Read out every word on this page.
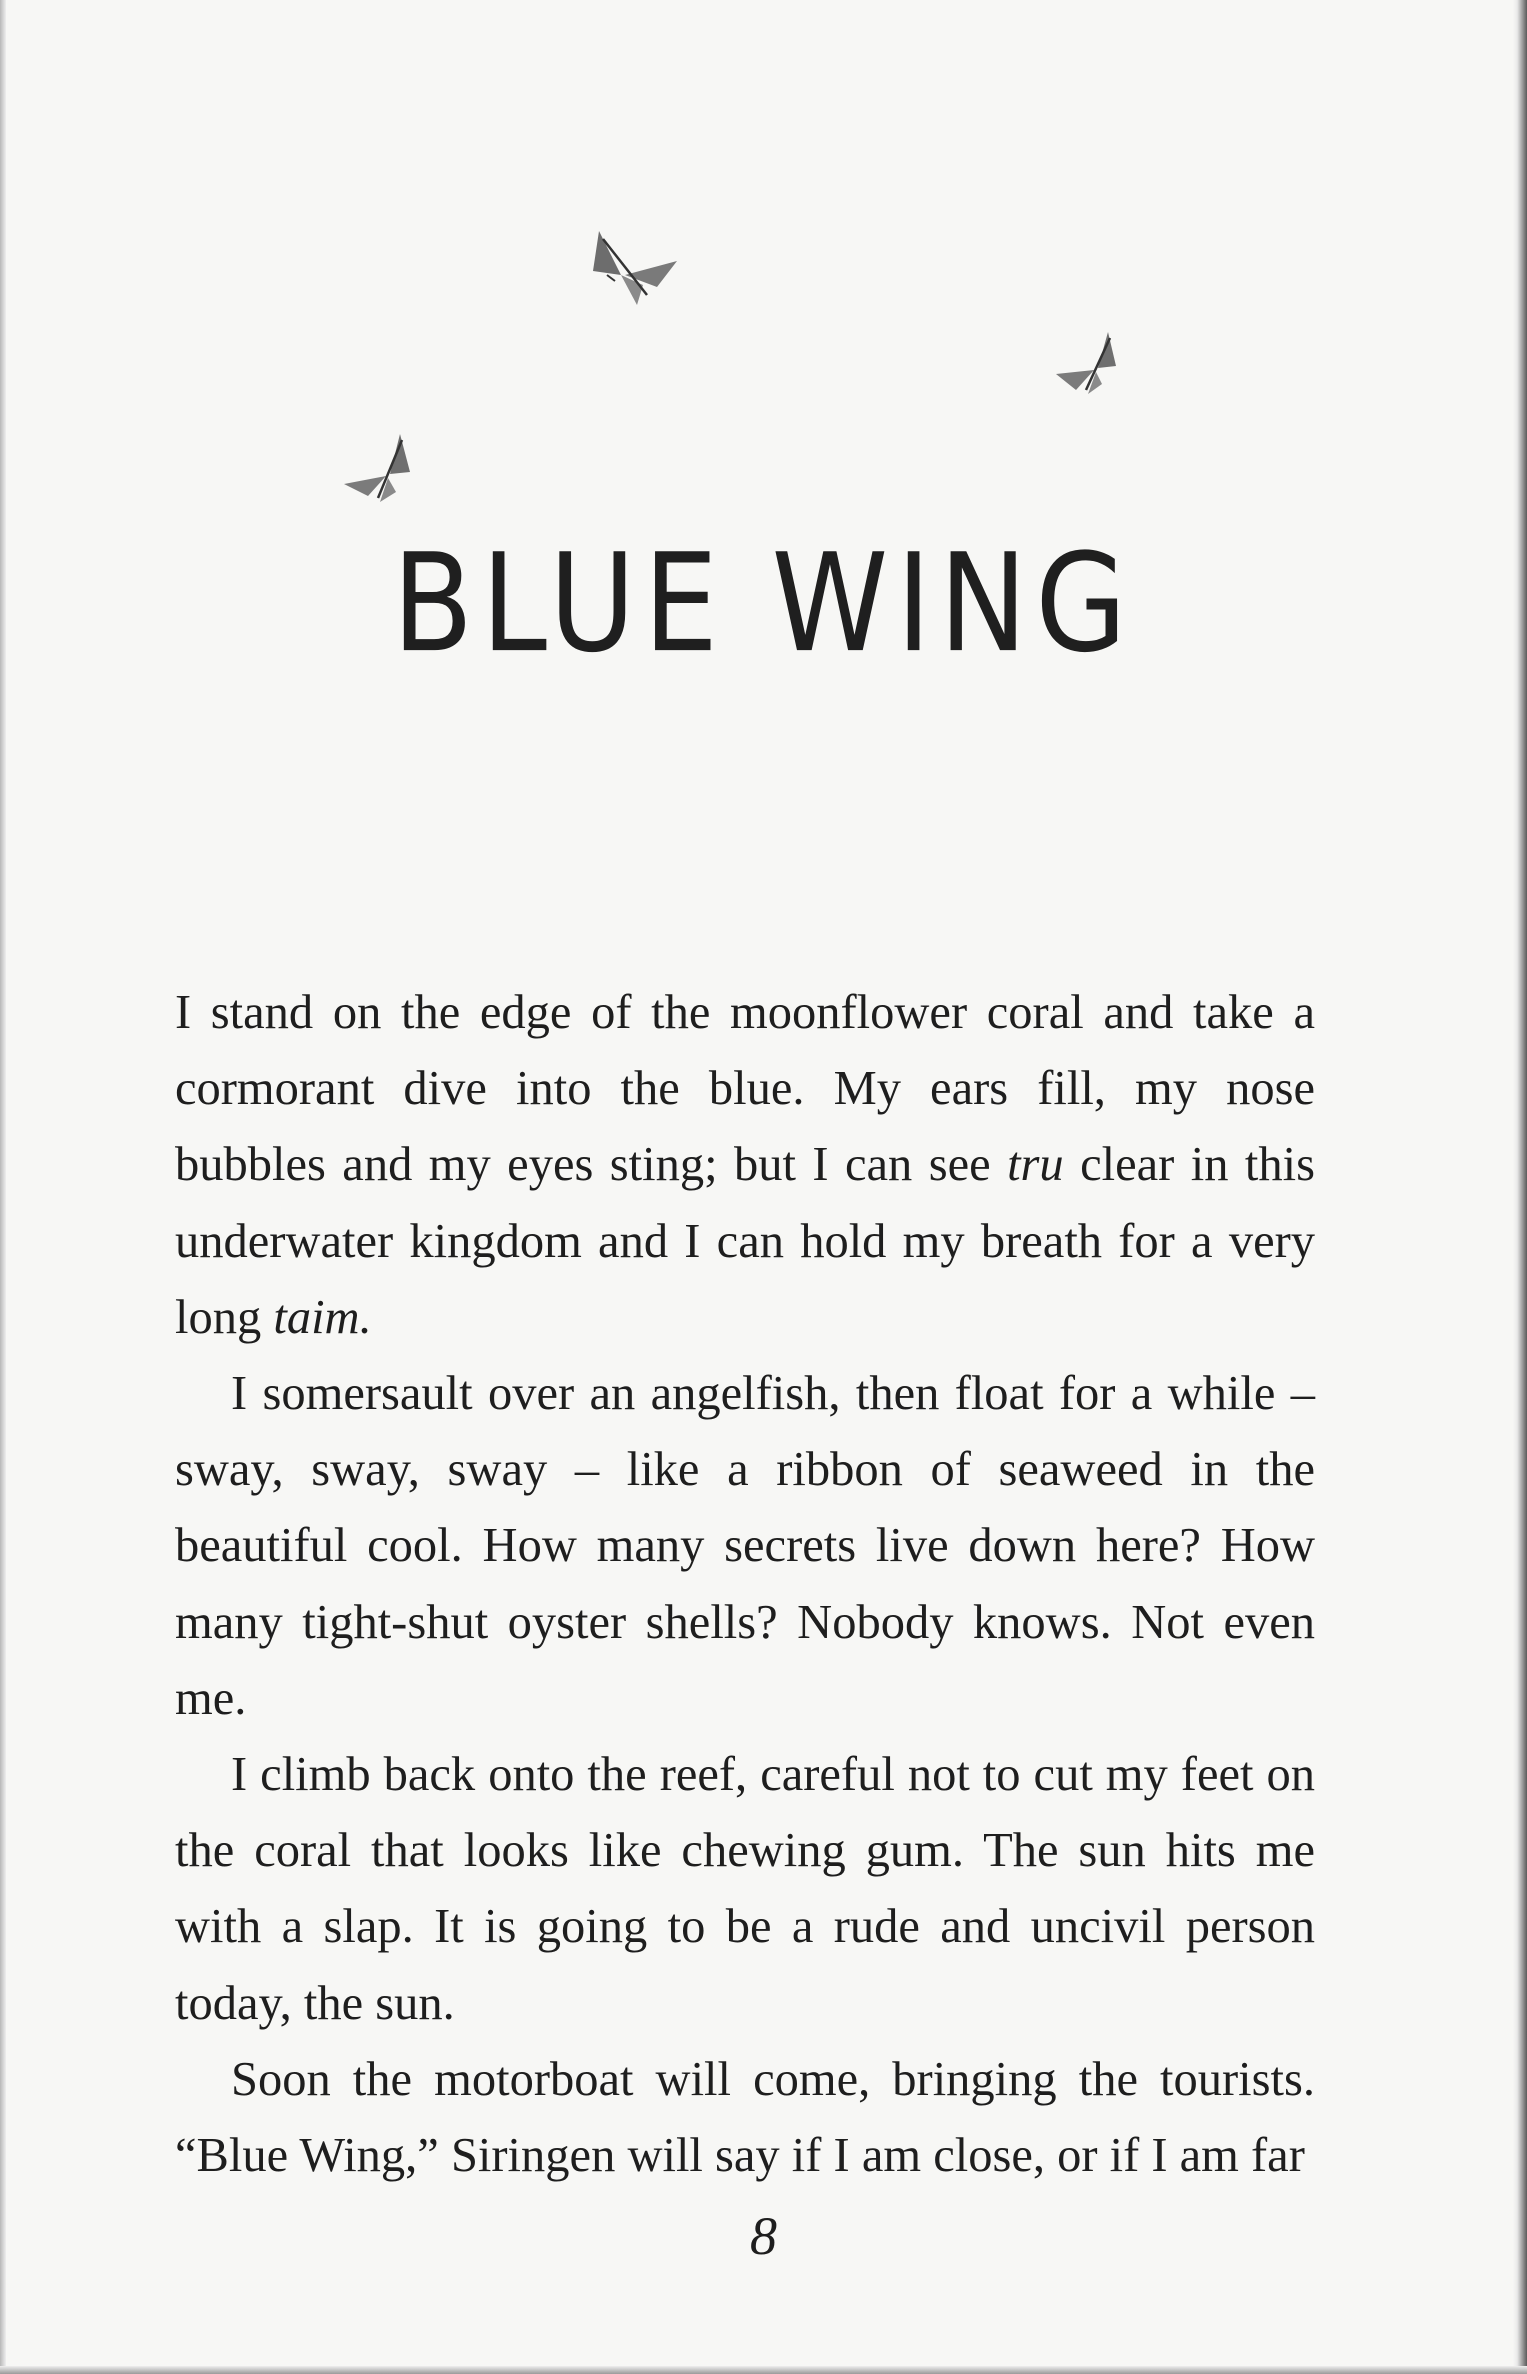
BLUE WING

I stand on the edge of the moonflower coral and take a cormorant dive into the blue. My ears fill, my nose bubbles and my eyes sting; but I can see tru clear in this underwater kingdom and I can hold my breath for a very long taim.

I somersault over an angelfish, then float for a while – sway, sway, sway – like a ribbon of seaweed in the beautiful cool. How many secrets live down here? How many tight-shut oyster shells? Nobody knows. Not even me.

I climb back onto the reef, careful not to cut my feet on the coral that looks like chewing gum. The sun hits me with a slap. It is going to be a rude and uncivil person today, the sun.

Soon the motorboat will come, bringing the tourists. “Blue Wing,” Siringen will say if I am close, or if I am far

8
